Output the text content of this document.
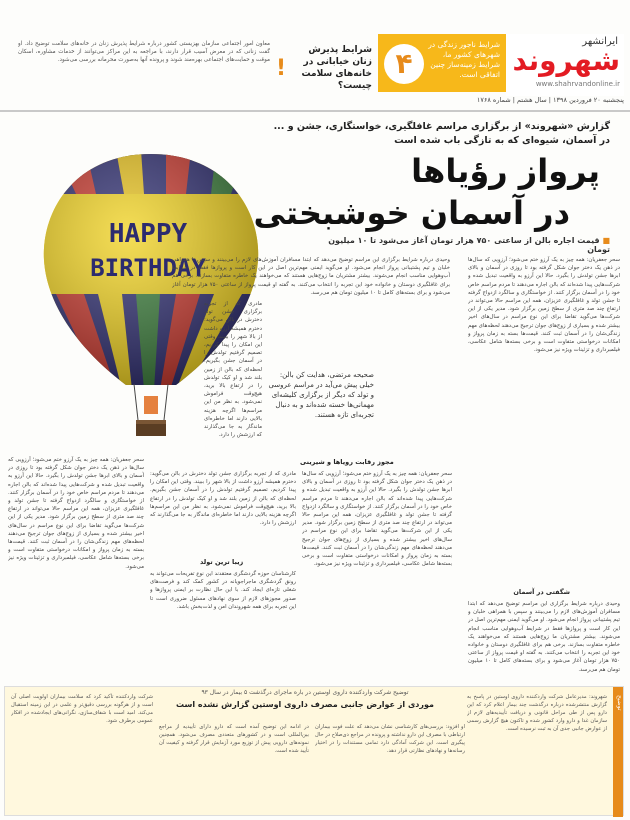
ایرانشهر
شهروند
www.shahrvandonline.ir
پنجشنبه ۲۰ فروردین ۱۳۹۸ | سال هشتم | شماره ۱۷۶۸
۴
شرایط ناجور زندگی در شهرهای کشور ما، شرایط زمینه‌ساز چنین اتفاقی است.
!
شرایط پذیرش زنان خیابانی در خانه‌های سلامت چیست؟
معاون امور اجتماعی سازمان بهزیستی کشور درباره شرایط پذیرش زنان در خانه‌های سلامت توضیح داد. او گفت زنانی که در معرض آسیب قرار دارند، با مراجعه به این مراکز می‌توانند از خدمات مشاوره، اسکان موقت و حمایت‌های اجتماعی بهره‌مند شوند و پرونده آنها به‌صورت محرمانه بررسی می‌شود.
گزارش «شهروند» از برگزاری مراسم غافلگیری، خواستگاری، جشن و ... در آسمان، شیوه‌ای که به تازگی باب شده است
پرواز رؤیاها
در آسمان خوشبختی
■ قیمت اجاره بالن از ساعتی ۷۵۰ هزار تومان آغاز می‌شود تا ۱۰ میلیون تومان
HAPPY
BIRTHDAY	سحر جعفریان: همه چیز به یک آرزو ختم می‌شود؛ آرزویی که سال‌ها در ذهن یک دختر جوان شکل گرفته بود تا روزی در آسمان و بالای ابرها جشن تولدش را بگیرد. حالا این آرزو به واقعیت تبدیل شده و شرکت‌هایی پیدا شده‌اند که بالن اجاره می‌دهند تا مردم مراسم خاص خود را در آسمان برگزار کنند. از خواستگاری و سالگرد ازدواج گرفته تا جشن تولد و غافلگیری عزیزان، همه این مراسم حالا می‌تواند در ارتفاع چند صد متری از سطح زمین برگزار شود. مدیر یکی از این شرکت‌ها می‌گوید تقاضا برای این نوع مراسم در سال‌های اخیر بیشتر شده و بسیاری از زوج‌های جوان ترجیح می‌دهند لحظه‌های مهم زندگی‌شان را در آسمان ثبت کنند. قیمت‌ها بسته به زمان پرواز و امکانات درخواستی متفاوت است و برخی بسته‌ها شامل عکاسی، فیلمبرداری و تزئینات ویژه نیز می‌شود.
شگفتی در آسمان
وحیدی درباره شرایط برگزاری این مراسم توضیح می‌دهد که ابتدا مسافران آموزش‌های لازم را می‌بینند و سپس با همراهی خلبان و تیم پشتیبانی پرواز انجام می‌شود. او می‌گوید ایمنی مهم‌ترین اصل در این کار است و پروازها فقط در شرایط آب‌وهوایی مناسب انجام می‌شوند. بیشتر مشتریان ما زوج‌هایی هستند که می‌خواهند یک خاطره متفاوت بسازند. برخی هم برای غافلگیری دوستان و خانواده خود این تجربه را انتخاب می‌کنند. به گفته او قیمت پرواز از ساعتی ۷۵۰ هزار تومان آغاز می‌شود و برای بسته‌های کامل تا ۱۰ میلیون تومان هم می‌رسد.
وحیدی درباره شرایط برگزاری این مراسم توضیح می‌دهد که ابتدا مسافران آموزش‌های لازم را می‌بینند و سپس با همراهی خلبان و تیم پشتیبانی پرواز انجام می‌شود. او می‌گوید ایمنی مهم‌ترین اصل در این کار است و پروازها فقط در شرایط آب‌وهوایی مناسب انجام می‌شوند. بیشتر مشتریان ما زوج‌هایی هستند که می‌خواهند یک خاطره متفاوت بسازند. برخی هم برای غافلگیری دوستان و خانواده خود این تجربه را انتخاب می‌کنند. به گفته او قیمت پرواز از ساعتی ۷۵۰ هزار تومان آغاز می‌شود و برای بسته‌های کامل تا ۱۰ میلیون تومان هم می‌رسد.
صحیحه مرتضی، هدایت کن بالن: خیلی پیش می‌آید در مراسم عروسی و تولد که دیگر از برگزاری کلیشه‌ای مهمانی‌ها خسته شده‌اند و به دنبال تجربه‌ای تازه هستند.
مادری که از تجربه برگزاری جشن تولد دخترش در بالن می‌گوید: دخترم همیشه آرزو داشت از بالا شهر را ببیند. وقتی این امکان را پیدا کردیم، تصمیم گرفتیم تولدش را در آسمان جشن بگیریم. لحظه‌ای که بالن از زمین بلند شد و او کیک تولدش را در ارتفاع بالا برید، هیچ‌وقت فراموش نمی‌شود. به نظر من این مراسم‌ها اگرچه هزینه بالایی دارند اما خاطره‌ای ماندگار به جا می‌گذارند که ارزشش را دارد.
مجوز رقابت رویا‌ها و شیرینی
سحر جعفریان: همه چیز به یک آرزو ختم می‌شود؛ آرزویی که سال‌ها در ذهن یک دختر جوان شکل گرفته بود تا روزی در آسمان و بالای ابرها جشن تولدش را بگیرد. حالا این آرزو به واقعیت تبدیل شده و شرکت‌هایی پیدا شده‌اند که بالن اجاره می‌دهند تا مردم مراسم خاص خود را در آسمان برگزار کنند. از خواستگاری و سالگرد ازدواج گرفته تا جشن تولد و غافلگیری عزیزان، همه این مراسم حالا می‌تواند در ارتفاع چند صد متری از سطح زمین برگزار شود. مدیر یکی از این شرکت‌ها می‌گوید تقاضا برای این نوع مراسم در سال‌های اخیر بیشتر شده و بسیاری از زوج‌های جوان ترجیح می‌دهند لحظه‌های مهم زندگی‌شان را در آسمان ثبت کنند. قیمت‌ها بسته به زمان پرواز و امکانات درخواستی متفاوت است و برخی بسته‌ها شامل عکاسی، فیلمبرداری و تزئینات ویژه نیز می‌شود.
مادری که از تجربه برگزاری جشن تولد دخترش در بالن می‌گوید: دخترم همیشه آرزو داشت از بالا شهر را ببیند. وقتی این امکان را پیدا کردیم، تصمیم گرفتیم تولدش را در آسمان جشن بگیریم. لحظه‌ای که بالن از زمین بلند شد و او کیک تولدش را در ارتفاع بالا برید، هیچ‌وقت فراموش نمی‌شود. به نظر من این مراسم‌ها اگرچه هزینه بالایی دارند اما خاطره‌ای ماندگار به جا می‌گذارند که ارزشش را دارد.
زیبا ترین تولد
کارشناسان حوزه گردشگری معتقدند این نوع تفریحات می‌تواند به رونق گردشگری ماجراجویانه در کشور کمک کند و فرصت‌های شغلی تازه‌ای ایجاد کند. با این حال نظارت بر ایمنی پروازها و صدور مجوزهای لازم از سوی نهادهای مسئول ضروری است تا این تجربه برای همه شهروندان امن و لذت‌بخش باشد.
سحر جعفریان: همه چیز به یک آرزو ختم می‌شود؛ آرزویی که سال‌ها در ذهن یک دختر جوان شکل گرفته بود تا روزی در آسمان و بالای ابرها جشن تولدش را بگیرد. حالا این آرزو به واقعیت تبدیل شده و شرکت‌هایی پیدا شده‌اند که بالن اجاره می‌دهند تا مردم مراسم خاص خود را در آسمان برگزار کنند. از خواستگاری و سالگرد ازدواج گرفته تا جشن تولد و غافلگیری عزیزان، همه این مراسم حالا می‌تواند در ارتفاع چند صد متری از سطح زمین برگزار شود. مدیر یکی از این شرکت‌ها می‌گوید تقاضا برای این نوع مراسم در سال‌های اخیر بیشتر شده و بسیاری از زوج‌های جوان ترجیح می‌دهند لحظه‌های مهم زندگی‌شان را در آسمان ثبت کنند. قیمت‌ها بسته به زمان پرواز و امکانات درخواستی متفاوت است و برخی بسته‌ها شامل عکاسی، فیلمبرداری و تزئینات ویژه نیز می‌شود.
توضیح
توضیح شرکت واردکننده داروی اوستین در باره ماجرای درگذشت ۵ بیمار در سال ۹۳
موردی از عوارض جانبی مصرف داروی اوستین گزارش نشده است
شهروند: مدیرعامل شرکت واردکننده داروی اوستین در پاسخ به گزارش منتشرشده درباره درگذشت چند بیمار اعلام کرد که این دارو پس از طی مراحل قانونی و دریافت تأییدیه‌های لازم از سازمان غذا و دارو وارد کشور شده و تاکنون هیچ گزارش رسمی از عوارض جانبی جدی آن به ثبت نرسیده است.
او افزود: بررسی‌های کارشناسی نشان می‌دهد که علت فوت بیماران ارتباطی با مصرف این دارو نداشته و پرونده در مراجع ذی‌صلاح در حال پیگیری است. این شرکت آمادگی دارد تمامی مستندات را در اختیار رسانه‌ها و نهادهای نظارتی قرار دهد.
در ادامه این توضیح آمده است که دارو دارای تأییدیه از مراجع بین‌المللی است و در کشورهای متعددی مصرف می‌شود. همچنین نمونه‌های دارویی پیش از توزیع مورد آزمایش قرار گرفته و کیفیت آن تأیید شده است.
شرکت واردکننده تأکید کرد که سلامت بیماران اولویت اصلی آن است و از هرگونه بررسی دقیق‌تر و علمی در این زمینه استقبال می‌کند. امید است با شفاف‌سازی، نگرانی‌های ایجادشده در افکار عمومی برطرف شود.
